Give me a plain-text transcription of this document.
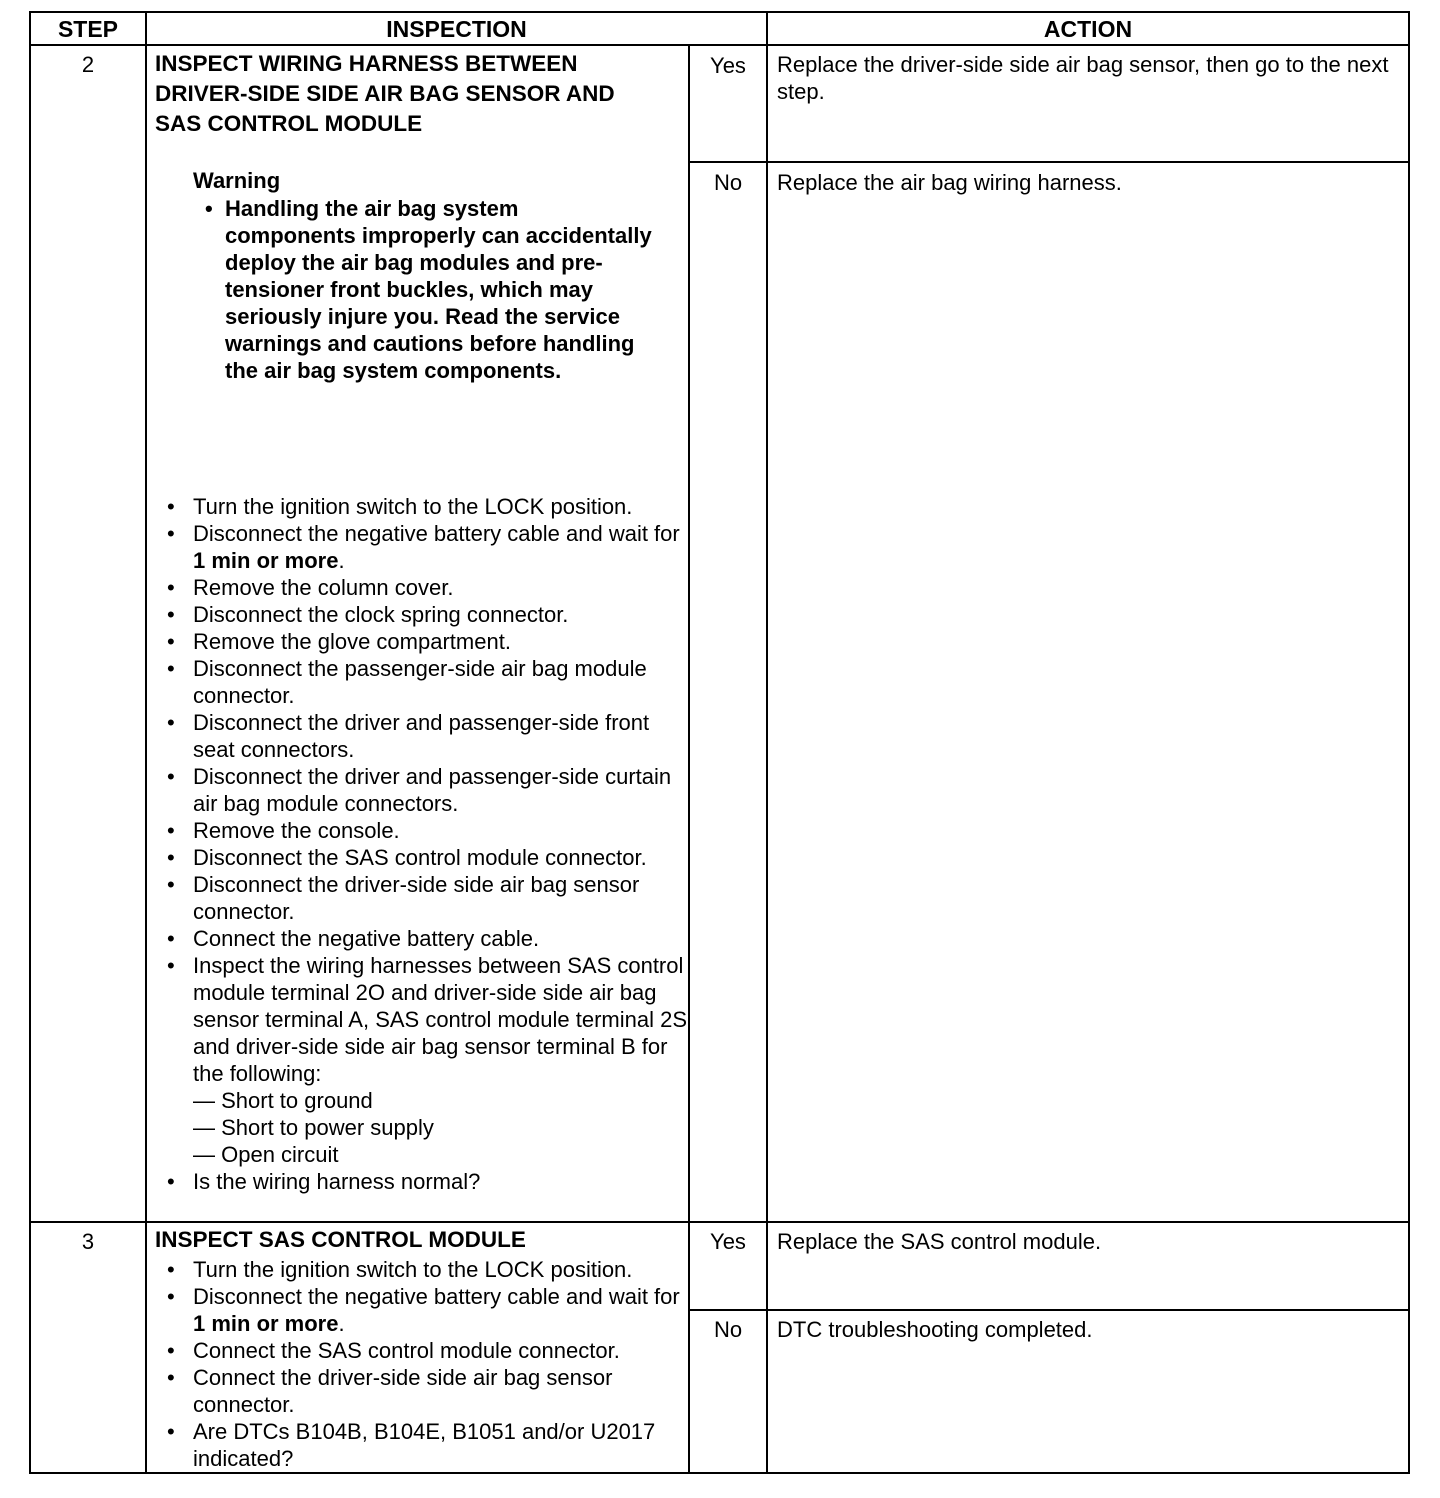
STEP	INSPECTION	ACTION
2	INSPECT WIRING HARNESS BETWEEN
DRIVER-SIDE SIDE AIR BAG SENSOR AND
SAS CONTROL MODULE
Warning
• Handling the air bag system components improperly can accidentally deploy the air bag modules and pre-tensioner front buckles, which may seriously injure you. Read the service warnings and cautions before handling the air bag system components.
• Turn the ignition switch to the LOCK position.
• Disconnect the negative battery cable and wait for 1 min or more.
• Remove the column cover.
• Disconnect the clock spring connector.
• Remove the glove compartment.
• Disconnect the passenger-side air bag module connector.
• Disconnect the driver and passenger-side front seat connectors.
• Disconnect the driver and passenger-side curtain air bag module connectors.
• Remove the console.
• Disconnect the SAS control module connector.
• Disconnect the driver-side side air bag sensor connector.
• Connect the negative battery cable.
• Inspect the wiring harnesses between SAS control module terminal 2O and driver-side side air bag sensor terminal A, SAS control module terminal 2S and driver-side side air bag sensor terminal B for the following:
— Short to ground
— Short to power supply
— Open circuit
• Is the wiring harness normal?
Yes	Replace the driver-side side air bag sensor, then go to the next step.
No	Replace the air bag wiring harness.
3	INSPECT SAS CONTROL MODULE
• Turn the ignition switch to the LOCK position.
• Disconnect the negative battery cable and wait for 1 min or more.
• Connect the SAS control module connector.
• Connect the driver-side side air bag sensor connector.
• Are DTCs B104B, B104E, B1051 and/or U2017 indicated?
Yes	Replace the SAS control module.
No	DTC troubleshooting completed.
